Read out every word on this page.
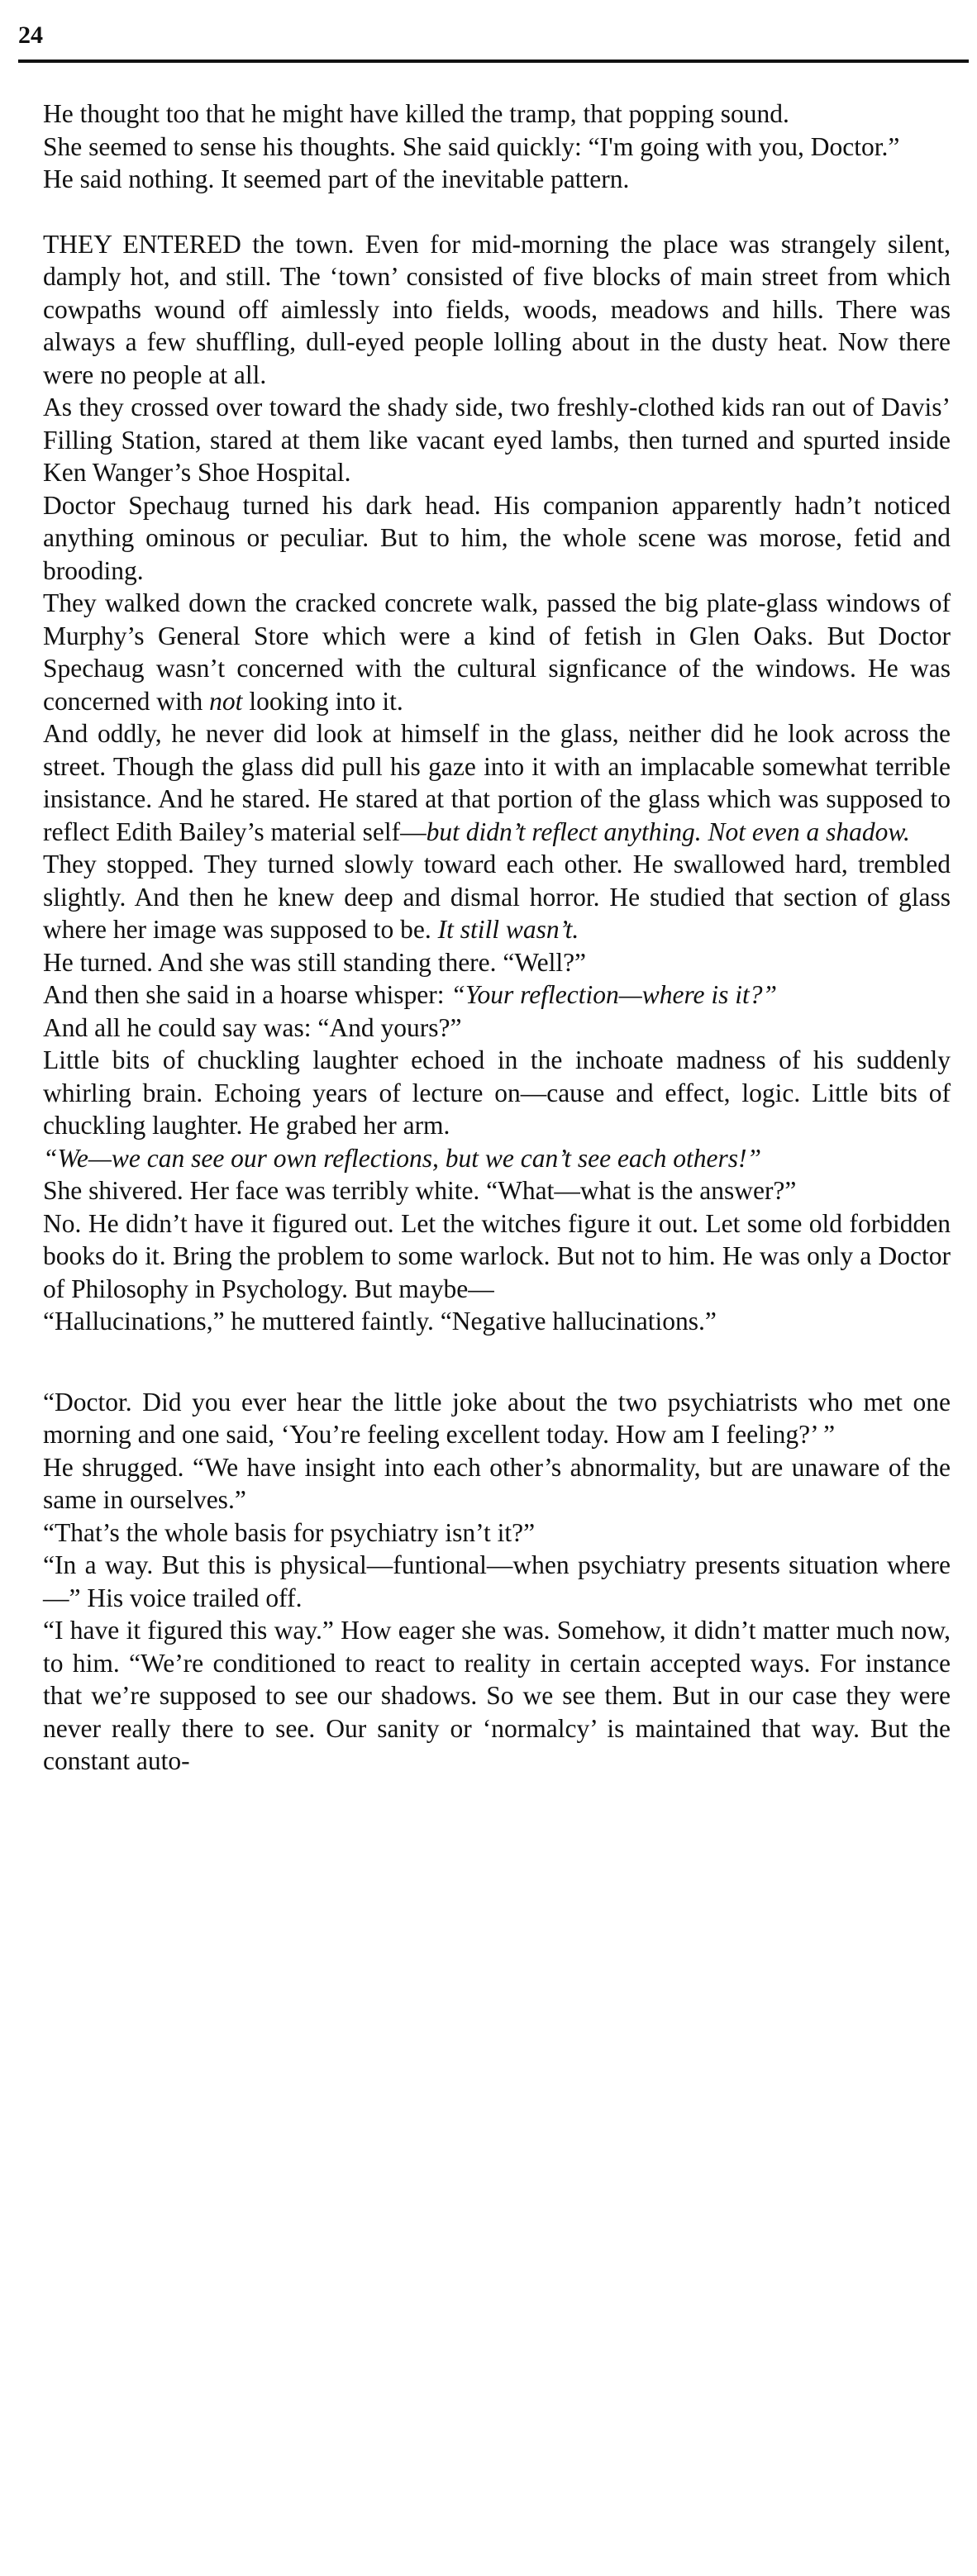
24

He thought too that he might have killed the tramp, that popping sound.

She seemed to sense his thoughts. She said quickly: “I'm going with you, Doctor.”

He said nothing. It seemed part of the inevitable pattern.

THEY ENTERED the town. Even for mid-morning the place was strangely silent, damply hot, and still. The ‘town’ consisted of five blocks of main street from which cowpaths wound off aimlessly into fields, woods, meadows and hills. There was always a few shuffling, dull-eyed people lolling about in the dusty heat. Now there were no people at all.

As they crossed over toward the shady side, two freshly-clothed kids ran out of Davis’ Filling Station, stared at them like vacant eyed lambs, then turned and spurted inside Ken Wanger’s Shoe Hospital.

Doctor Spechaug turned his dark head. His companion apparently hadn’t noticed anything ominous or peculiar. But to him, the whole scene was morose, fetid and brooding.

They walked down the cracked concrete walk, passed the big plate-glass windows of Murphy’s General Store which were a kind of fetish in Glen Oaks. But Doctor Spechaug wasn’t concerned with the cultural signficance of the windows. He was concerned with not looking into it.

And oddly, he never did look at himself in the glass, neither did he look across the street. Though the glass did pull his gaze into it with an implacable somewhat terrible insistance. And he stared. He stared at that portion of the glass which was supposed to reflect Edith Bailey’s material self—but didn’t reflect anything. Not even a shadow.

They stopped. They turned slowly toward each other. He swallowed hard, trembled slightly. And then he knew deep and dismal horror. He studied that section of glass where her image was supposed to be. It still wasn’t.

He turned. And she was still standing there. “Well?”

And then she said in a hoarse whisper: “Your reflection—where is it?”

And all he could say was: “And yours?”

Little bits of chuckling laughter echoed in the inchoate madness of his suddenly whirling brain. Echoing years of lecture on—cause and effect, logic. Little bits of chuckling laughter. He grabed her arm.

“We—we can see our own reflections, but we can’t see each others!”

She shivered. Her face was terribly white. “What—what is the answer?”

No. He didn’t have it figured out. Let the witches figure it out. Let some old forbidden books do it. Bring the problem to some warlock. But not to him. He was only a Doctor of Philosophy in Psychology. But maybe—

“Hallucinations,” he muttered faintly. “Negative hallucinations.”

“Doctor. Did you ever hear the little joke about the two psychiatrists who met one morning and one said, ‘You’re feeling excellent today. How am I feeling?’ ”

He shrugged. “We have insight into each other’s abnormality, but are unaware of the same in ourselves.”

“That’s the whole basis for psychiatry isn’t it?”

“In a way. But this is physical—funtional—when psychiatry presents situation where—” His voice trailed off.

“I have it figured this way.” How eager she was. Somehow, it didn’t matter much now, to him. “We’re conditioned to react to reality in certain accepted ways. For instance that we’re supposed to see our shadows. So we see them. But in our case they were never really there to see. Our sanity or ‘normalcy’ is maintained that way. But the constant auto-
